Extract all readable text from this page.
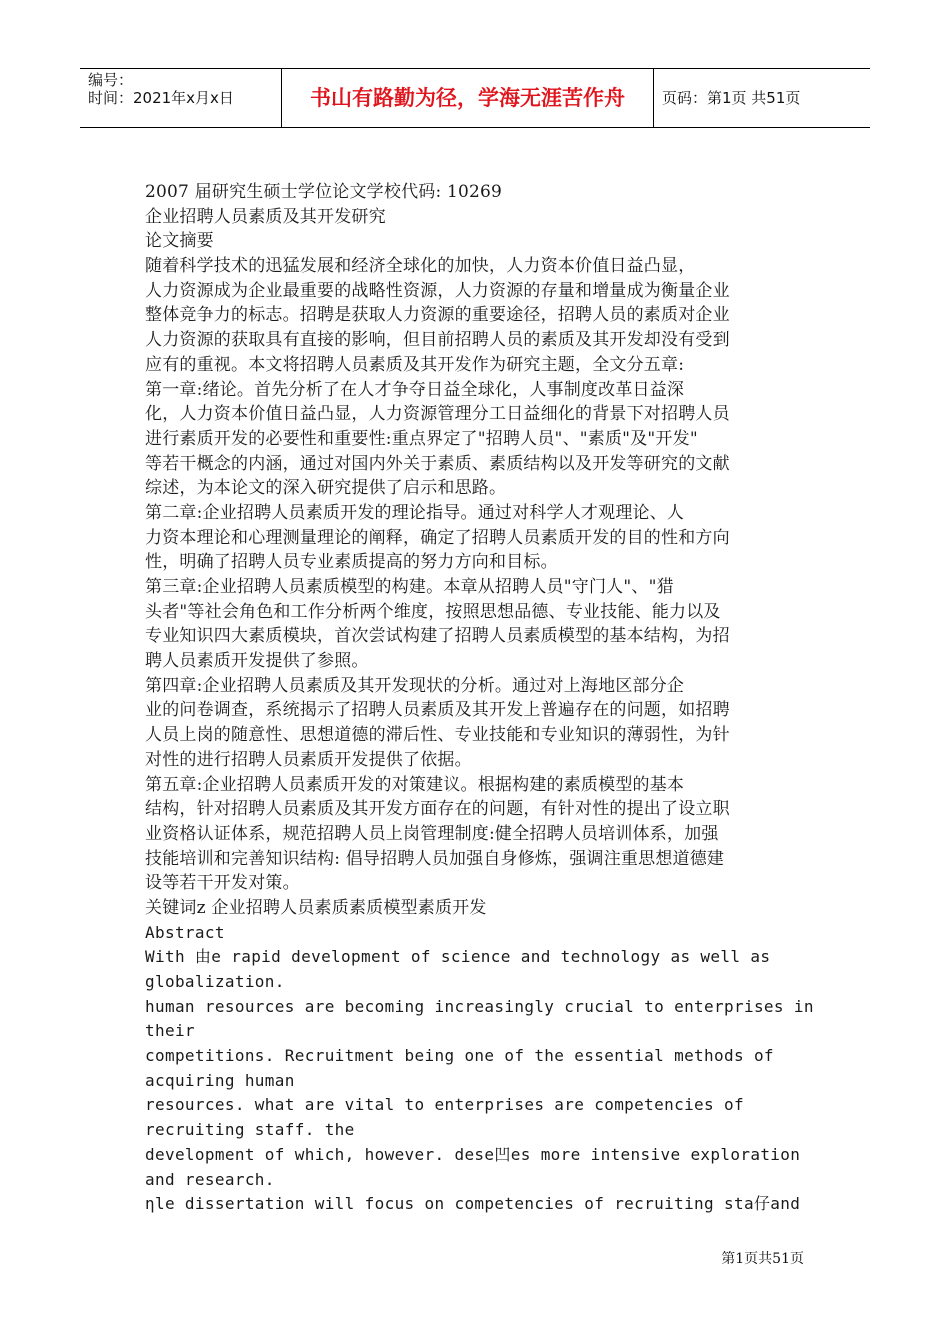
编号：
时间：2021年x月x日	书山有路勤为径，学海无涯苦作舟	页码：第1页 共51页
2007 届研究生硕士学位论文学校代码: 10269
企业招聘人员素质及其开发研究
论文摘要
随着科学技术的迅猛发展和经济全球化的加快，人力资本价值日益凸显，
人力资源成为企业最重要的战略性资源，人力资源的存量和增量成为衡量企业
整体竞争力的标志。招聘是获取人力资源的重要途径，招聘人员的素质对企业
人力资源的获取具有直接的影响，但目前招聘人员的素质及其开发却没有受到
应有的重视。本文将招聘人员素质及其开发作为研究主题，全文分五章:
第一章:绪论。首先分析了在人才争夺日益全球化，人事制度改革日益深
化，人力资本价值日益凸显，人力资源管理分工日益细化的背景下对招聘人员
进行素质开发的必要性和重要性:重点界定了"招聘人员"、"素质"及"开发"
等若干概念的内涵，通过对国内外关于素质、素质结构以及开发等研究的文献
综述，为本论文的深入研究提供了启示和思路。
第二章:企业招聘人员素质开发的理论指导。通过对科学人才观理论、人
力资本理论和心理测量理论的阐释，确定了招聘人员素质开发的目的性和方向
性，明确了招聘人员专业素质提高的努力方向和目标。
第三章:企业招聘人员素质模型的构建。本章从招聘人员"守门人"、"猎
头者"等社会角色和工作分析两个维度，按照思想品德、专业技能、能力以及
专业知识四大素质模块，首次尝试构建了招聘人员素质模型的基本结构，为招
聘人员素质开发提供了参照。
第四章:企业招聘人员素质及其开发现状的分析。通过对上海地区部分企
业的问卷调查，系统揭示了招聘人员素质及其开发上普遍存在的问题，如招聘
人员上岗的随意性、思想道德的滞后性、专业技能和专业知识的薄弱性，为针
对性的进行招聘人员素质开发提供了依据。
第五章:企业招聘人员素质开发的对策建议。根据构建的素质模型的基本
结构，针对招聘人员素质及其开发方面存在的问题，有针对性的提出了设立职
业资格认证体系，规范招聘人员上岗管理制度:健全招聘人员培训体系，加强
技能培训和完善知识结构: 倡导招聘人员加强自身修炼，强调注重思想道德建
设等若干开发对策。
关键词z 企业招聘人员素质素质模型素质开发
Abstract
With 由e rapid development of science and technology as well as
globalization.
human resources are becoming increasingly crucial to enterprises in
their
competitions. Recruitment being one of the essential methods of
acquiring human
resources. what are vital to enterprises are competencies of
recruiting staff. the
development of which, however. dese凹es more intensive exploration
and research.
ηle dissertation will focus on competencies of recruiting sta仔and
第1页共51页
